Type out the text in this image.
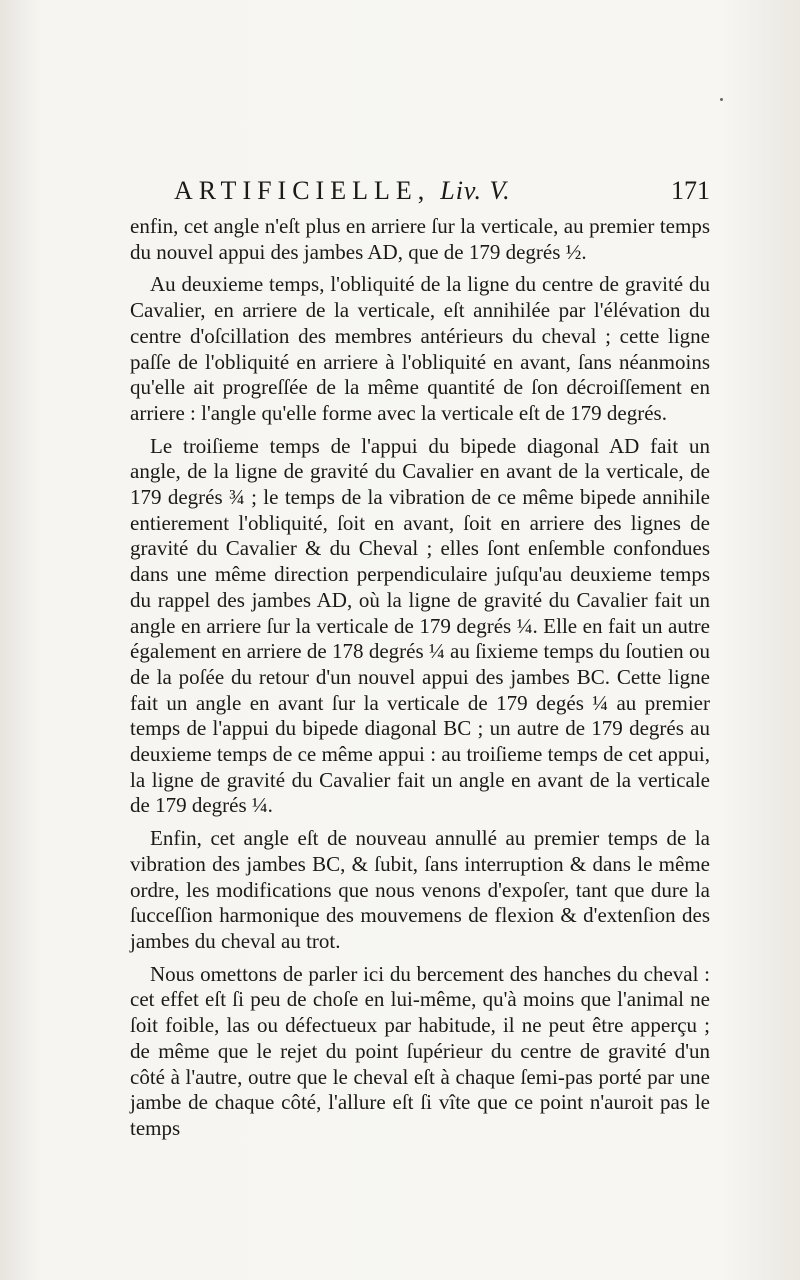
ARTIFICIELLE, Liv. V.	171

enfin, cet angle n'eſt plus en arriere ſur la verticale, au premier temps du nouvel appui des jambes AD, que de 179 degrés ½.

Au deuxieme temps, l'obliquité de la ligne du centre de gravité du Cavalier, en arriere de la verticale, eſt annihilée par l'élévation du centre d'oſcillation des membres antérieurs du cheval ; cette ligne paſſe de l'obliquité en arriere à l'obliquité en avant, ſans néanmoins qu'elle ait progreſſée de la même quantité de ſon décroiſſement en arriere : l'angle qu'elle forme avec la verticale eſt de 179 degrés.

Le troiſieme temps de l'appui du bipede diagonal AD fait un angle, de la ligne de gravité du Cavalier en avant de la verticale, de 179 degrés ¾ ; le temps de la vibration de ce même bipede annihile entierement l'obliquité, ſoit en avant, ſoit en arriere des lignes de gravité du Cavalier & du Cheval ; elles ſont enſemble confondues dans une même direction perpendiculaire juſqu'au deuxieme temps du rappel des jambes AD, où la ligne de gravité du Cavalier fait un angle en arriere ſur la verticale de 179 degrés ¼. Elle en fait un autre également en arriere de 178 degrés ¼ au ſixieme temps du ſoutien ou de la poſée du retour d'un nouvel appui des jambes BC. Cette ligne fait un angle en avant ſur la verticale de 179 degés ¼ au premier temps de l'appui du bipede diagonal BC ; un autre de 179 degrés au deuxieme temps de ce même appui : au troiſieme temps de cet appui, la ligne de gravité du Cavalier fait un angle en avant de la verticale de 179 degrés ¼.

Enfin, cet angle eſt de nouveau annullé au premier temps de la vibration des jambes BC, & ſubit, ſans interruption & dans le même ordre, les modifications que nous venons d'expoſer, tant que dure la ſucceſſion harmonique des mouvemens de flexion & d'extenſion des jambes du cheval au trot.

Nous omettons de parler ici du bercement des hanches du cheval : cet effet eſt ſi peu de choſe en lui-même, qu'à moins que l'animal ne ſoit foible, las ou défectueux par habitude, il ne peut être apperçu ; de même que le rejet du point ſupérieur du centre de gravité d'un côté à l'autre, outre que le cheval eſt à chaque ſemi-pas porté par une jambe de chaque côté, l'allure eſt ſi vîte que ce point n'auroit pas le temps
